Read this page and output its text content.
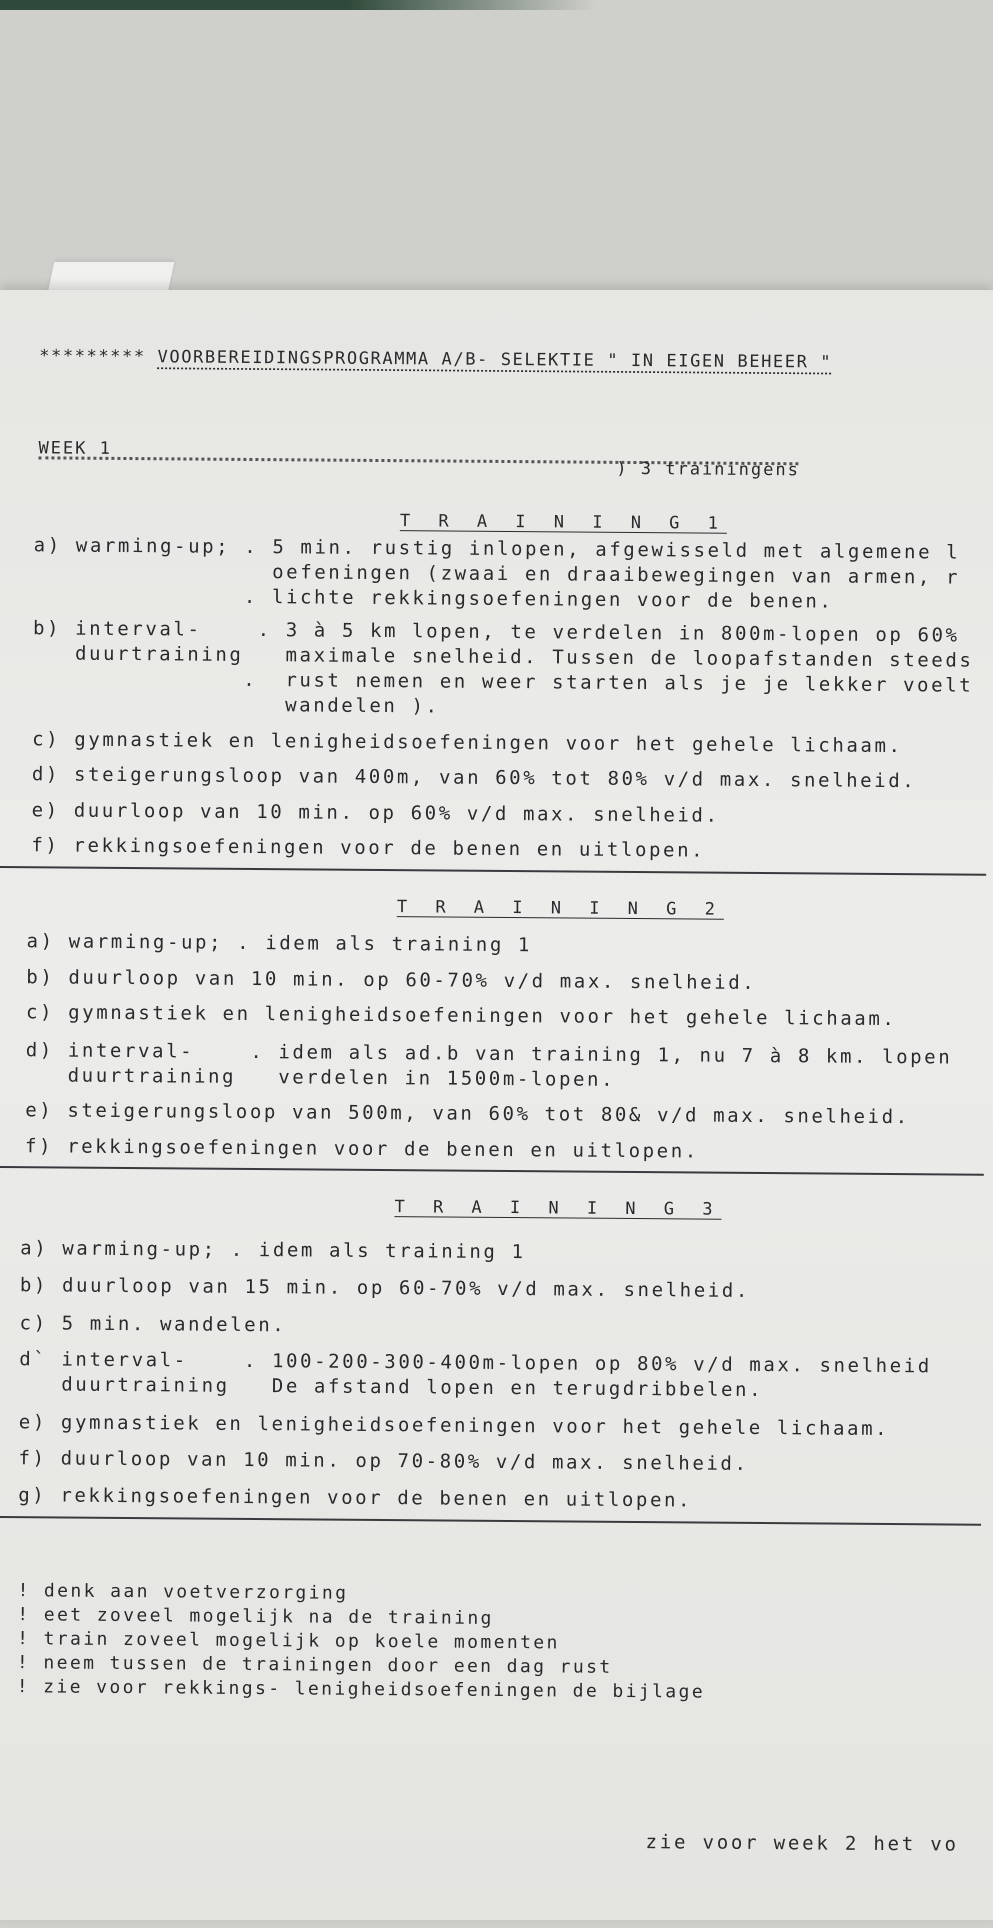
********* VOORBEREIDINGSPROGRAMMA A/B- SELEKTIE " IN EIGEN BEHEER "
WEEK 1
) 3 trainingens
T R A I N I N G 1
a) warming-up; . 5 min. rustig inlopen, afgewisseld met algemene l
oefeningen (zwaai en draaibewegingen van armen, r
. lichte rekkingsoefeningen voor de benen.
b) interval-    . 3 à 5 km lopen, te verdelen in 800m-lopen op 60%
duurtraining   maximale snelheid. Tussen de loopafstanden steeds
.  rust nemen en weer starten als je je lekker voelt
wandelen ).
c) gymnastiek en lenigheidsoefeningen voor het gehele lichaam.
d) steigerungsloop van 400m, van 60% tot 80% v/d max. snelheid.
e) duurloop van 10 min. op 60% v/d max. snelheid.
f) rekkingsoefeningen voor de benen en uitlopen.
T R A I N I N G 2
a) warming-up; . idem als training 1
b) duurloop van 10 min. op 60-70% v/d max. snelheid.
c) gymnastiek en lenigheidsoefeningen voor het gehele lichaam.
d) interval-    . idem als ad.b van training 1, nu 7 à 8 km. lopen
duurtraining   verdelen in 1500m-lopen.
e) steigerungsloop van 500m, van 60% tot 80& v/d max. snelheid.
f) rekkingsoefeningen voor de benen en uitlopen.
T R A I N I N G 3
a) warming-up; . idem als training 1
b) duurloop van 15 min. op 60-70% v/d max. snelheid.
c) 5 min. wandelen.
d` interval-    . 100-200-300-400m-lopen op 80% v/d max. snelheid
duurtraining   De afstand lopen en terugdribbelen.
e) gymnastiek en lenigheidsoefeningen voor het gehele lichaam.
f) duurloop van 10 min. op 70-80% v/d max. snelheid.
g) rekkingsoefeningen voor de benen en uitlopen.
! denk aan voetverzorging
! eet zoveel mogelijk na de training
! train zoveel mogelijk op koele momenten
! neem tussen de trainingen door een dag rust
! zie voor rekkings- lenigheidsoefeningen de bijlage
zie voor week 2 het vo
